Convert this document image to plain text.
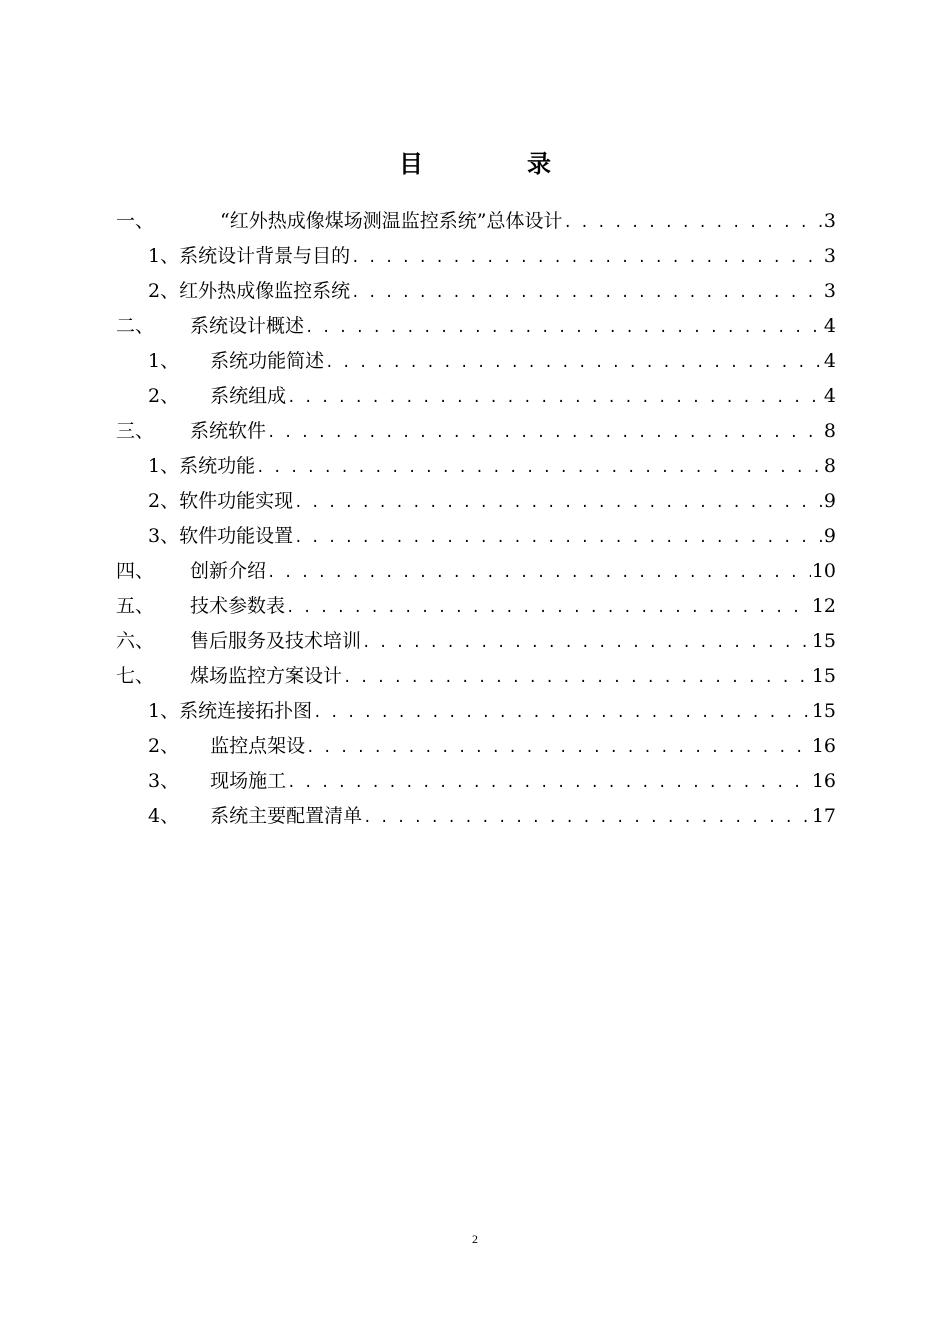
目　录
一、	“红外热成像煤场测温监控系统”总体设计 . . .	3
1、 系统设计背景与目的 . . .	3
2、 红外热成像监控系统 . . .	3
二、 系统设计概述 . . .	4
1、 系统功能简述 . . .	4
2、 系统组成 . . .	4
三、 系统软件 . . .	8
1、 系统功能 . . .	8
2、 软件功能实现 . . .	9
3、 软件功能设置 . . .	9
四、 创新介绍 . . .	10
五、 技术参数表 . . .	12
六、 售后服务及技术培训 . . .	15
七、 煤场监控方案设计 . . .	15
1、 系统连接拓扑图 . . .	15
2、 监控点架设 . . .	16
3、 现场施工 . . .	16
4、 系统主要配置清单 . . .	17
2
